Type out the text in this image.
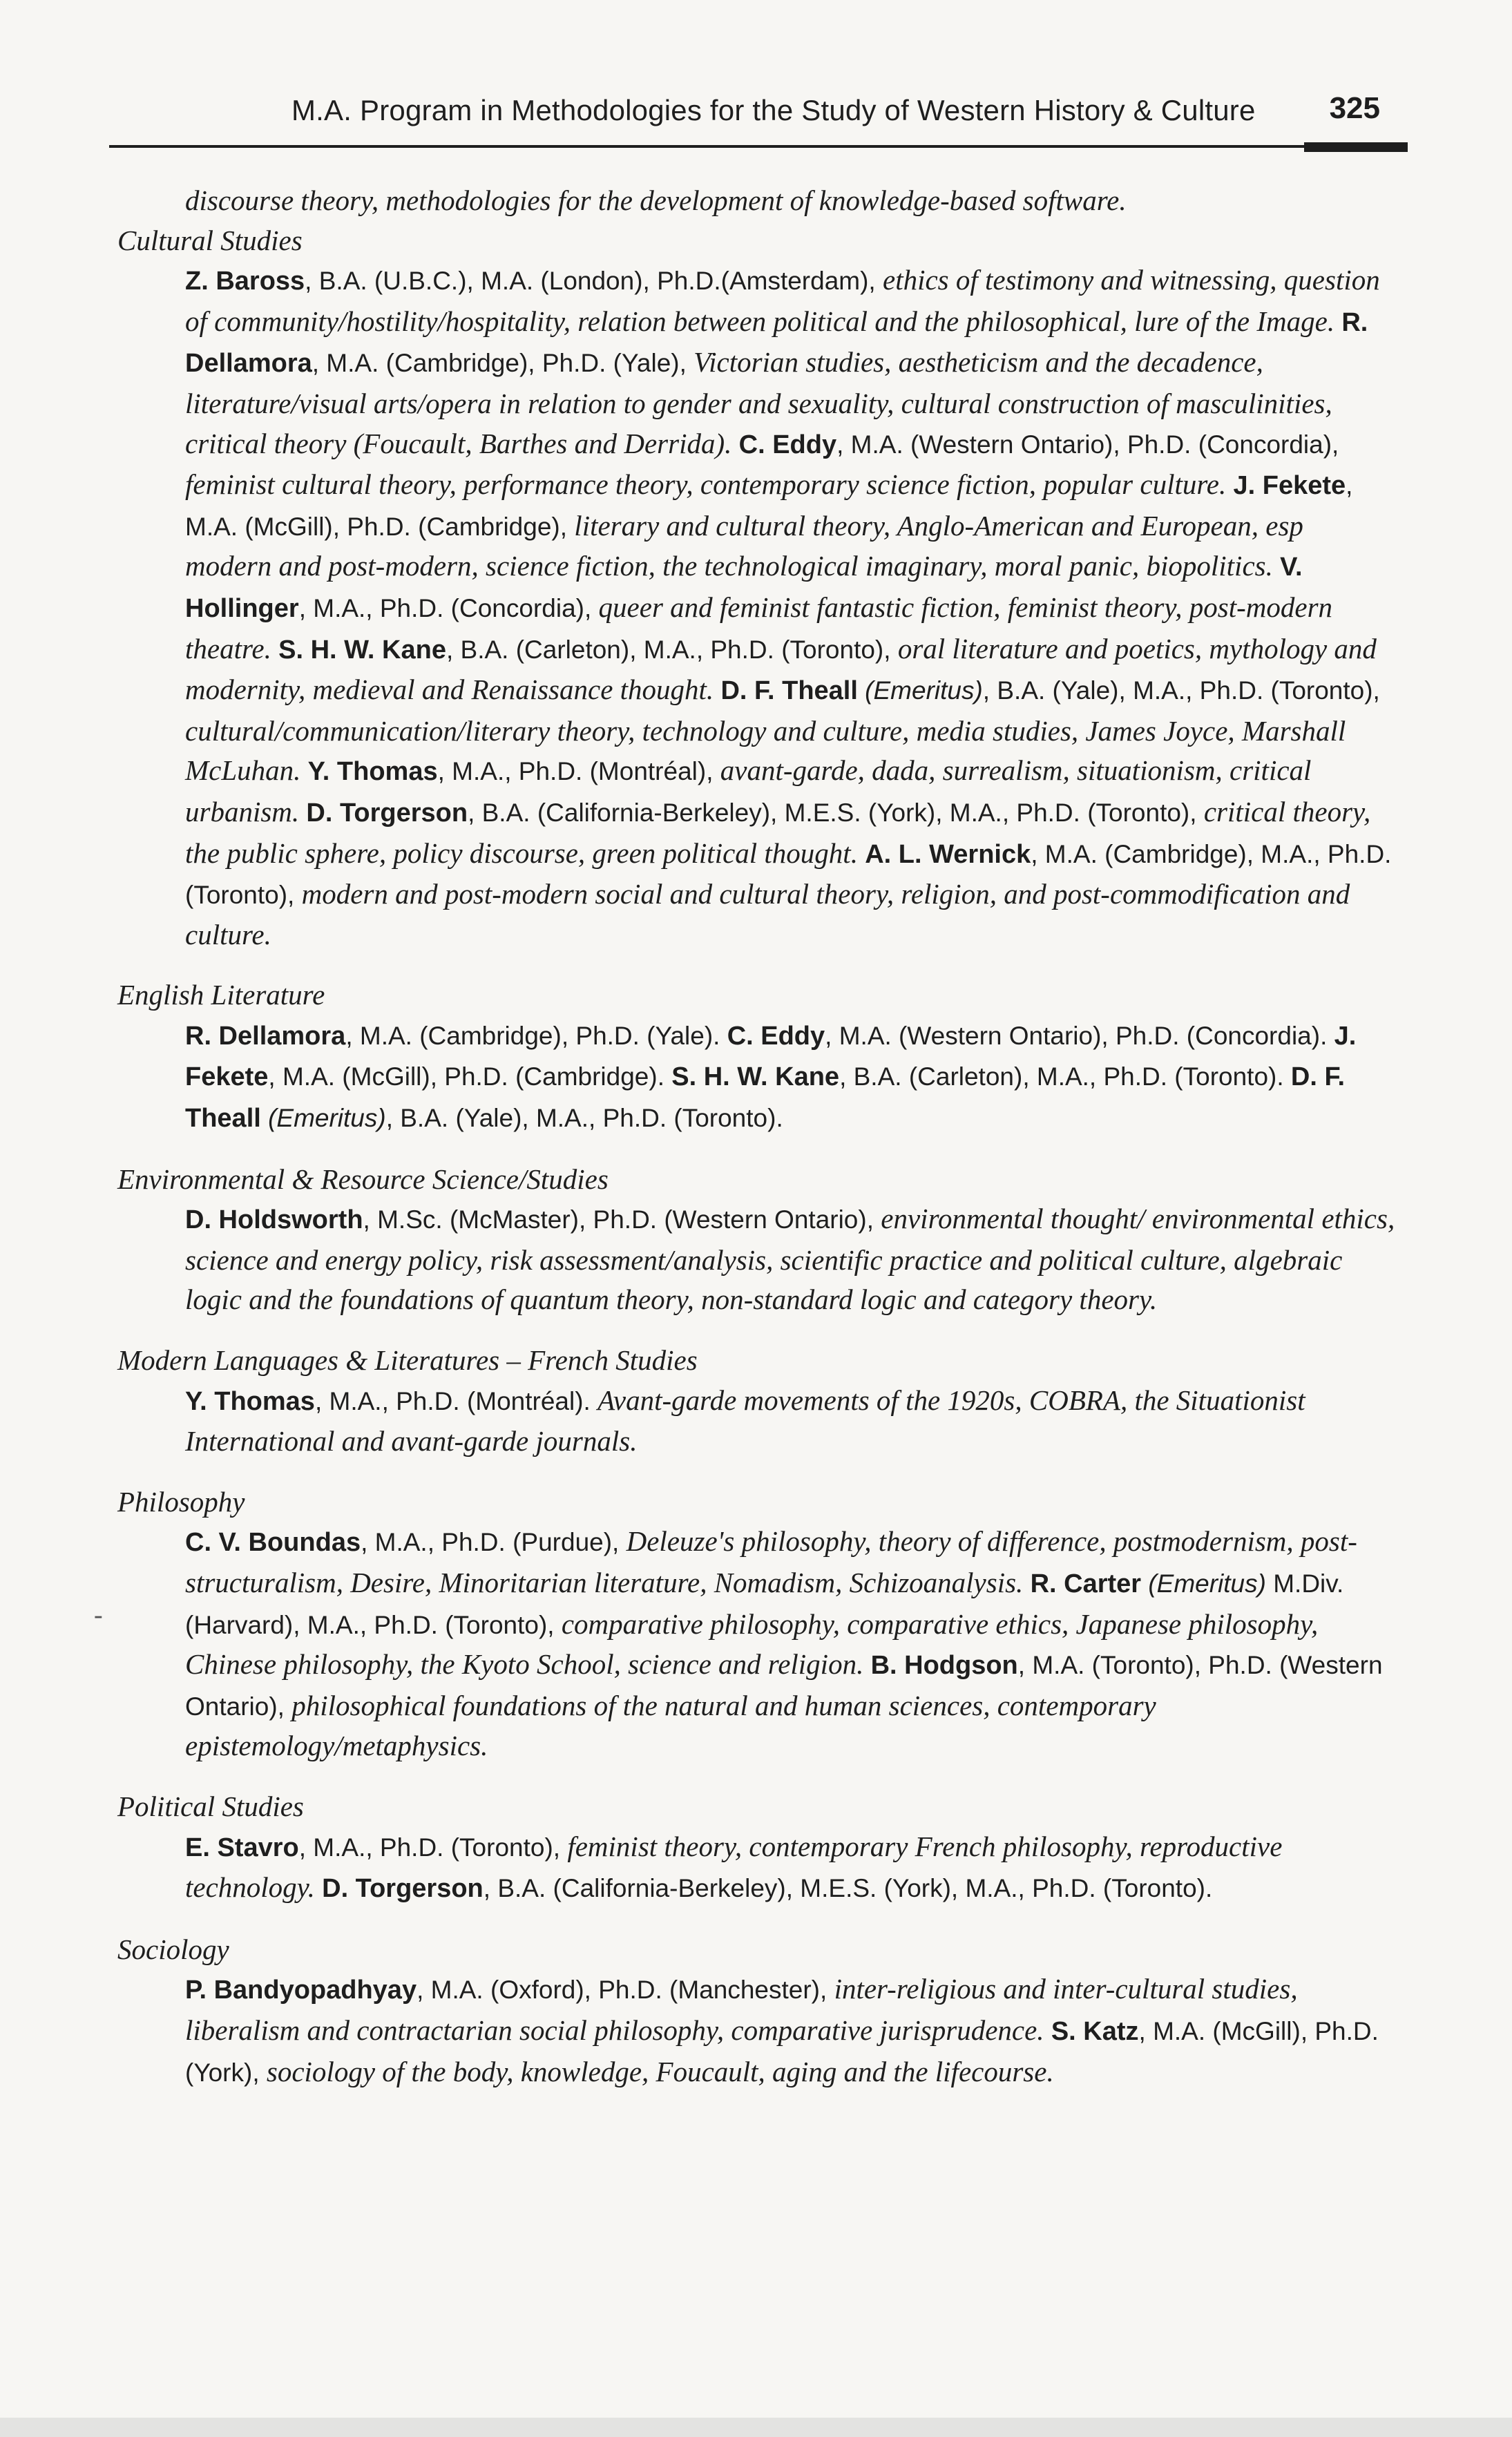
M.A. Program in Methodologies for the Study of Western History & Culture 325

discourse theory, methodologies for the development of knowledge-based software.

Cultural Studies

Z. Baross, B.A. (U.B.C.), M.A. (London), Ph.D.(Amsterdam), ethics of testimony and witnessing, question of community/hostility/hospitality, relation between political and the philosophical, lure of the Image. R. Dellamora, M.A. (Cambridge), Ph.D. (Yale), Victorian studies, aestheticism and the decadence, literature/visual arts/opera in relation to gender and sexuality, cultural construction of masculinities, critical theory (Foucault, Barthes and Derrida). C. Eddy, M.A. (Western Ontario), Ph.D. (Concordia), feminist cultural theory, performance theory, contemporary science fiction, popular culture. J. Fekete, M.A. (McGill), Ph.D. (Cambridge), literary and cultural theory, Anglo-American and European, esp modern and post-modern, science fiction, the technological imaginary, moral panic, biopolitics. V. Hollinger, M.A., Ph.D. (Concordia), queer and feminist fantastic fiction, feminist theory, post-modern theatre. S. H. W. Kane, B.A. (Carleton), M.A., Ph.D. (Toronto), oral literature and poetics, mythology and modernity, medieval and Renaissance thought. D. F. Theall (Emeritus), B.A. (Yale), M.A., Ph.D. (Toronto), cultural/communication/literary theory, technology and culture, media studies, James Joyce, Marshall McLuhan. Y. Thomas, M.A., Ph.D. (Montréal), avant-garde, dada, surrealism, situationism, critical urbanism. D. Torgerson, B.A. (California-Berkeley), M.E.S. (York), M.A., Ph.D. (Toronto), critical theory, the public sphere, policy discourse, green political thought. A. L. Wernick, M.A. (Cambridge), M.A., Ph.D. (Toronto), modern and post-modern social and cultural theory, religion, and post-commodification and culture.

English Literature

R. Dellamora, M.A. (Cambridge), Ph.D. (Yale). C. Eddy, M.A. (Western Ontario), Ph.D. (Concordia). J. Fekete, M.A. (McGill), Ph.D. (Cambridge). S. H. W. Kane, B.A. (Carleton), M.A., Ph.D. (Toronto). D. F. Theall (Emeritus), B.A. (Yale), M.A., Ph.D. (Toronto).

Environmental & Resource Science/Studies

D. Holdsworth, M.Sc. (McMaster), Ph.D. (Western Ontario), environmental thought/ environmental ethics, science and energy policy, risk assessment/analysis, scientific practice and political culture, algebraic logic and the foundations of quantum theory, non-standard logic and category theory.

Modern Languages & Literatures – French Studies

Y. Thomas, M.A., Ph.D. (Montréal). Avant-garde movements of the 1920s, COBRA, the Situationist International and avant-garde journals.

Philosophy

C. V. Boundas, M.A., Ph.D. (Purdue), Deleuze's philosophy, theory of difference, postmodernism, post-structuralism, Desire, Minoritarian literature, Nomadism, Schizoanalysis. R. Carter (Emeritus) M.Div. (Harvard), M.A., Ph.D. (Toronto), comparative philosophy, comparative ethics, Japanese philosophy, Chinese philosophy, the Kyoto School, science and religion. B. Hodgson, M.A. (Toronto), Ph.D. (Western Ontario), philosophical foundations of the natural and human sciences, contemporary epistemology/metaphysics.

Political Studies

E. Stavro, M.A., Ph.D. (Toronto), feminist theory, contemporary French philosophy, reproductive technology. D. Torgerson, B.A. (California-Berkeley), M.E.S. (York), M.A., Ph.D. (Toronto).

Sociology

P. Bandyopadhyay, M.A. (Oxford), Ph.D. (Manchester), inter-religious and inter-cultural studies, liberalism and contractarian social philosophy, comparative jurisprudence. S. Katz, M.A. (McGill), Ph.D. (York), sociology of the body, knowledge, Foucault, aging and the lifecourse.
-
